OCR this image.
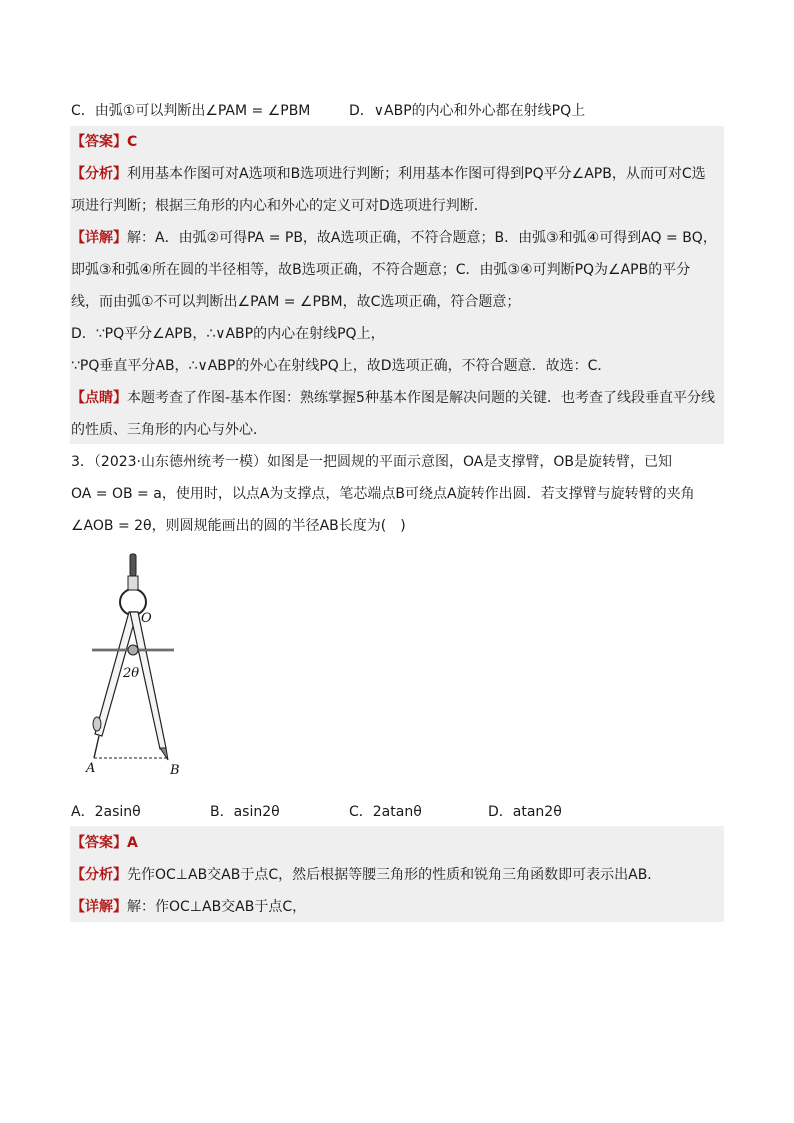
C．由弧①可以判断出∠PAM = ∠PBM	D．∨ABP的内心和外心都在射线PQ上
【答案】C
【分析】利用基本作图可对A选项和B选项进行判断；利用基本作图可得到PQ平分∠APB，从而可对C选
项进行判断；根据三角形的内心和外心的定义可对D选项进行判断．
【详解】解：A．由弧②可得PA = PB，故A选项正确，不符合题意；B．由弧③和弧④可得到AQ = BQ，
即弧③和弧④所在圆的半径相等，故B选项正确，不符合题意；C．由弧③④可判断PQ为∠APB的平分
线，而由弧①不可以判断出∠PAM = ∠PBM，故C选项正确，符合题意；
D．∵PQ平分∠APB，∴∨ABP的内心在射线PQ上，
∵PQ垂直平分AB，∴∨ABP的外心在射线PQ上，故D选项正确，不符合题意．故选：C．
【点睛】本题考查了作图-基本作图：熟练掌握5种基本作图是解决问题的关键．也考查了线段垂直平分线
的性质、三角形的内心与外心．
3．（2023·山东德州统考一模）如图是一把圆规的平面示意图，OA是支撑臂，OB是旋转臂，已知
OA = OB = a，使用时，以点A为支撑点，笔芯端点B可绕点A旋转作出圆．若支撑臂与旋转臂的夹角
∠AOB = 2θ，则圆规能画出的圆的半径AB长度为(　)
O
2θ
A	B
A．2asinθ	B．asin2θ	C．2atanθ	D．atan2θ
【答案】A
【分析】先作OC⊥AB交AB于点C，然后根据等腰三角形的性质和锐角三角函数即可表示出AB．
【详解】解：作OC⊥AB交AB于点C，
